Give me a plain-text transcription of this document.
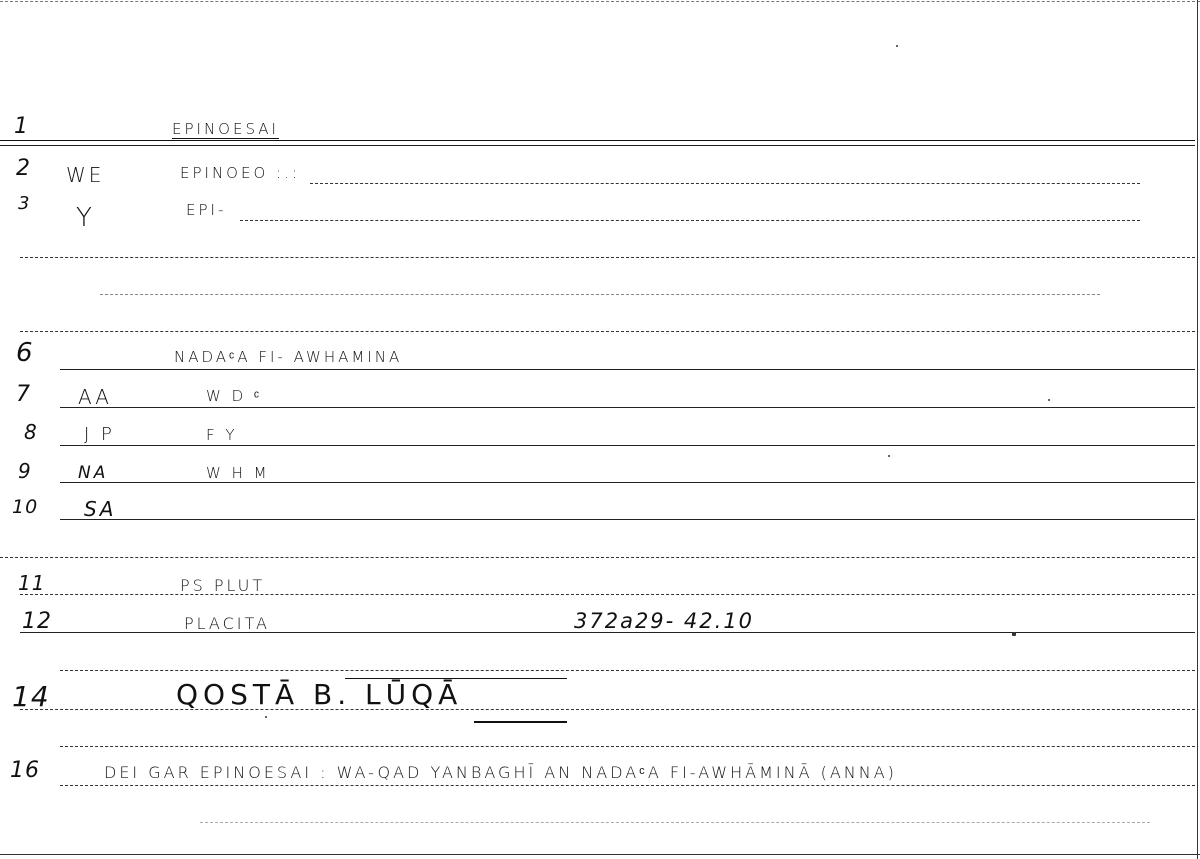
1	EPINOESAI
2 WE	EPINOEO :.:
3 Y	EPI-
6	NADAᶜA FI- AWHAMINA
7 AA	W D ᶜ
8	J P	F Y
9	NA	W H M
10 SA
11	PS PLUT
12	PLACITA	372a29- 42.10
14	QOSTĀ B. LŪQĀ
16	DEI GAR EPINOESAI : WA-QAD YANBAGHĪ AN NADAᶜA FI-AWHĀMINĀ (ANNA)
